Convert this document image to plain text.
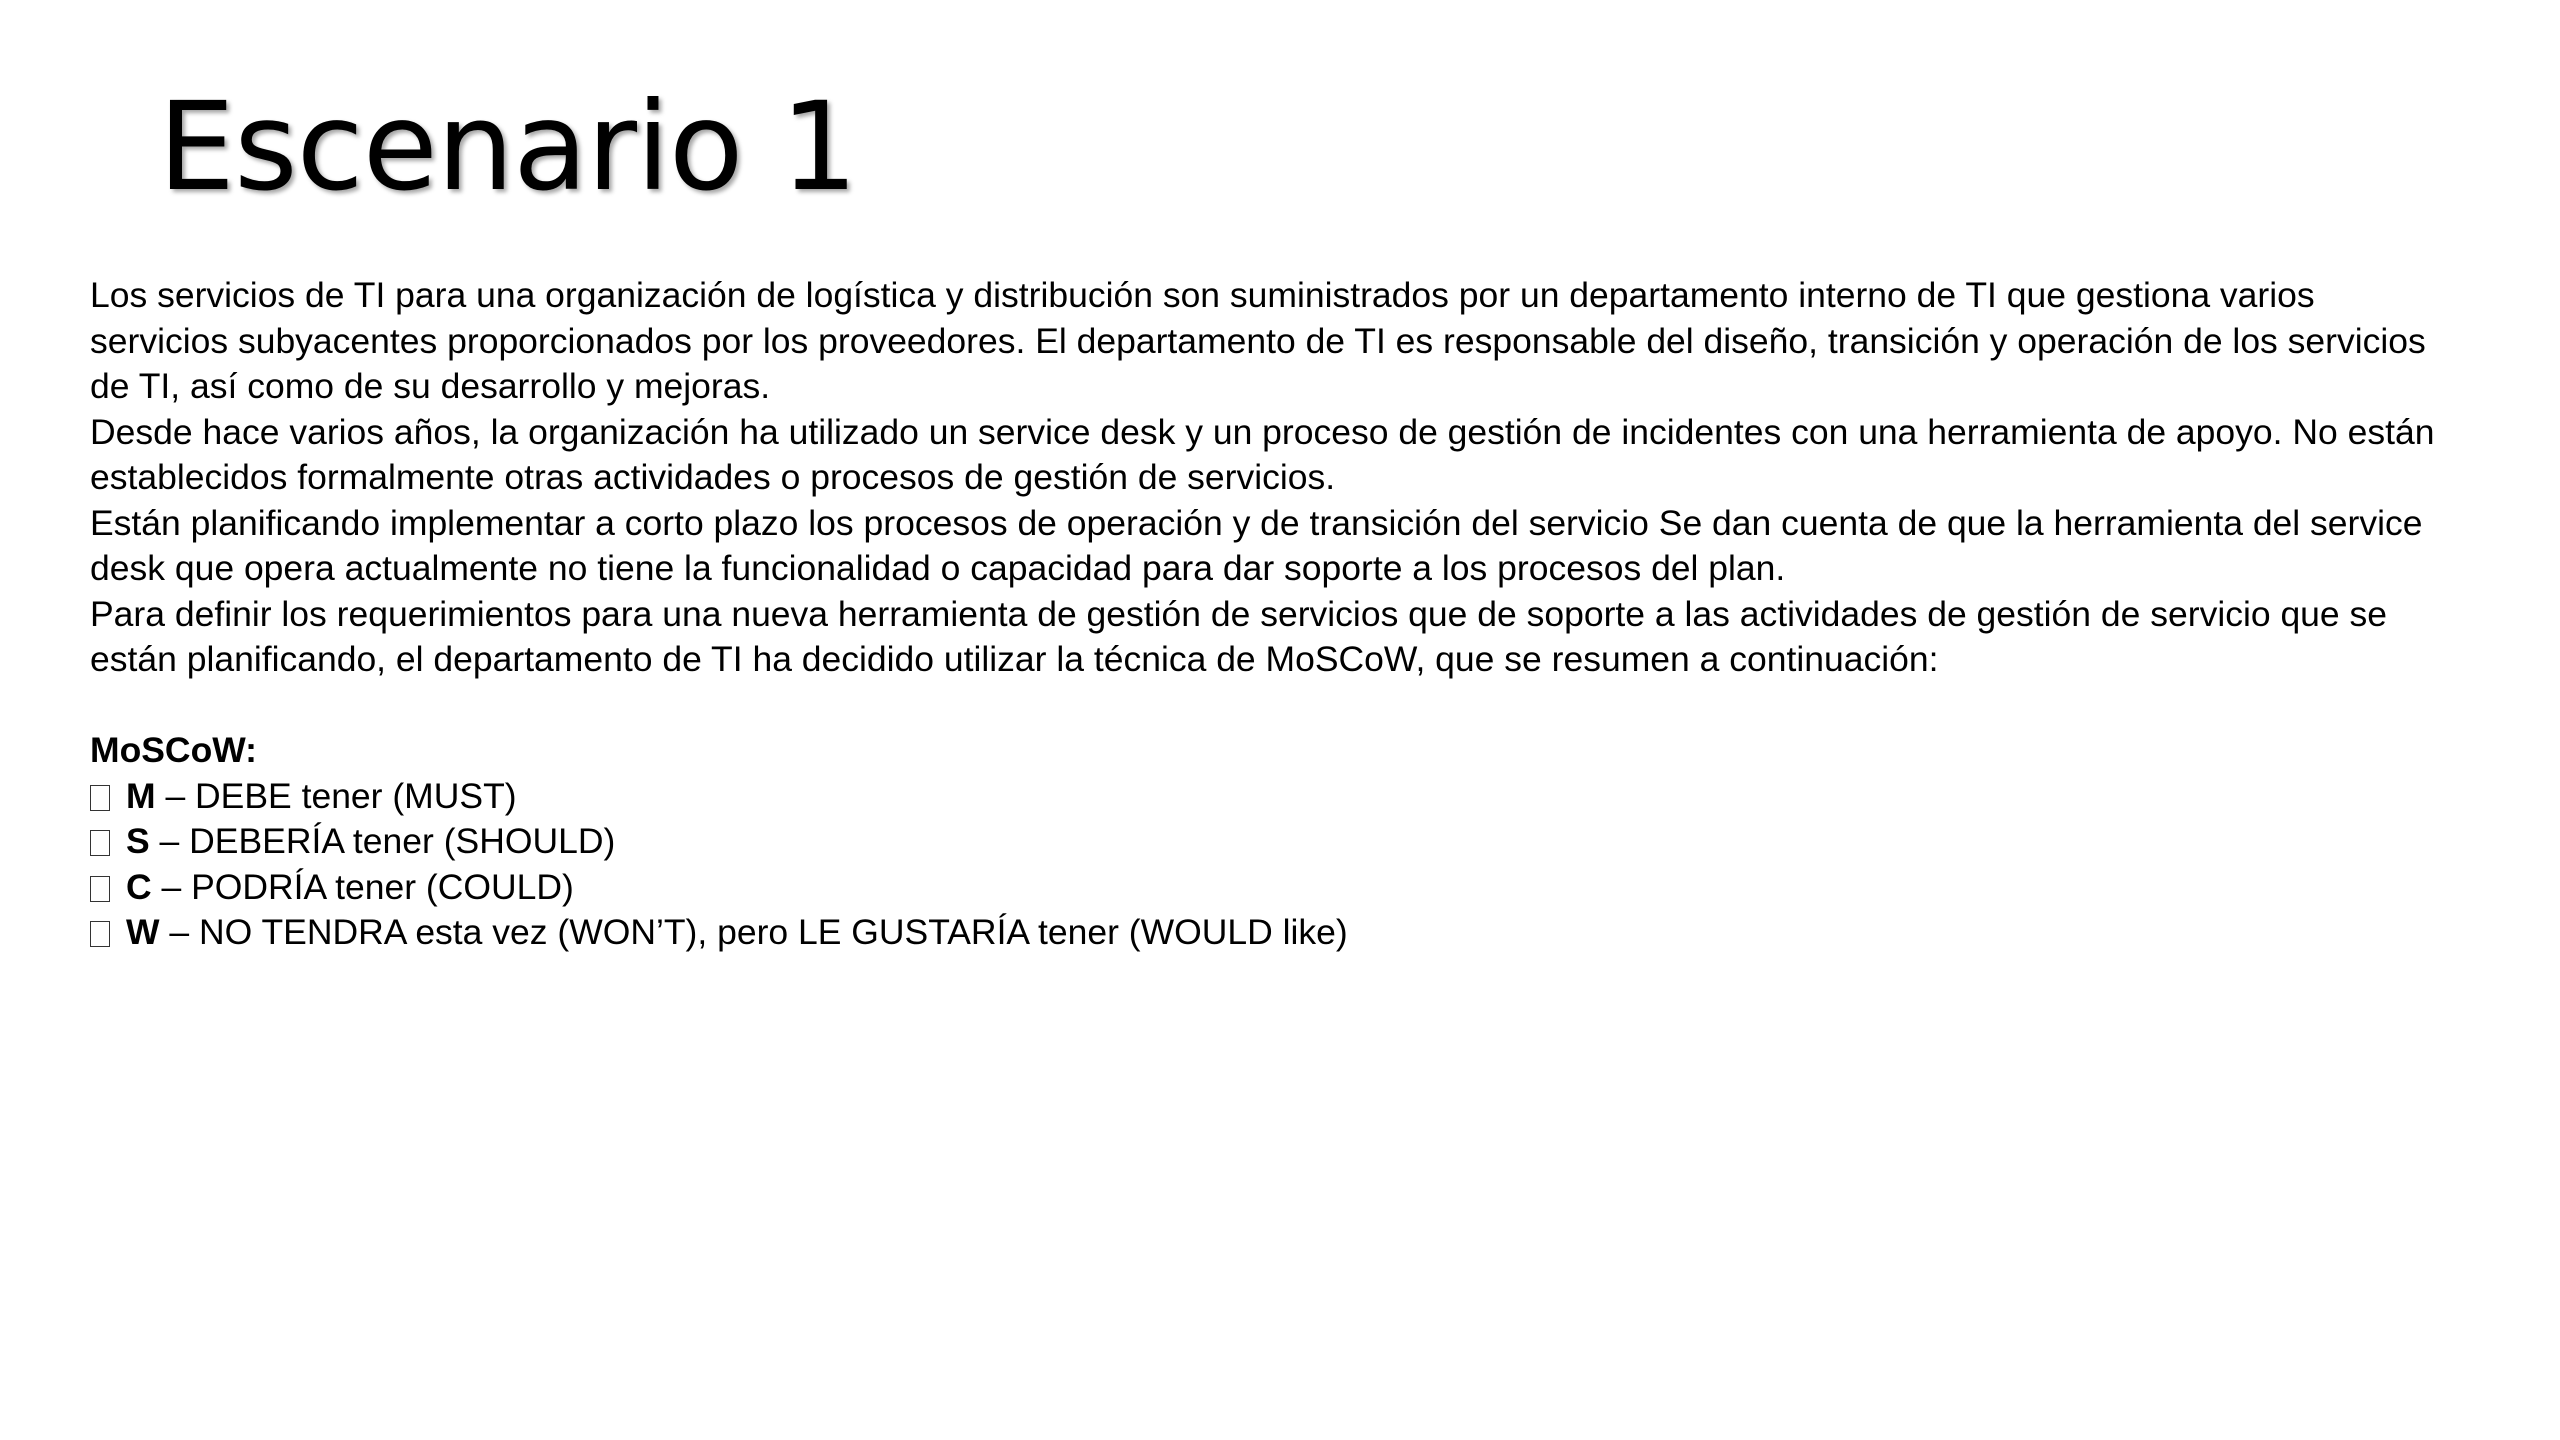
Escenario 1

Los servicios de TI para una organización de logística y distribución son suministrados por un departamento interno de TI que gestiona varios servicios subyacentes proporcionados por los proveedores. El departamento de TI es responsable del diseño, transición y operación de los servicios de TI, así como de su desarrollo y mejoras.

Desde hace varios años, la organización ha utilizado un service desk y un proceso de gestión de incidentes con una herramienta de apoyo. No están establecidos formalmente otras actividades o procesos de gestión de servicios.

Están planificando implementar a corto plazo los procesos de operación y de transición del servicio Se dan cuenta de que la herramienta del service desk que opera actualmente no tiene la funcionalidad o capacidad para dar soporte a los procesos del plan.

Para definir los requerimientos para una nueva herramienta de gestión de servicios que de soporte a las actividades de gestión de servicio que se están planificando, el departamento de TI ha decidido utilizar la técnica de MoSCoW, que se resumen a continuación:

MoSCoW:

M – DEBE tener (MUST)
S – DEBERÍA tener (SHOULD)
C – PODRÍA tener (COULD)
W – NO TENDRA esta vez (WON’T), pero LE GUSTARÍA tener (WOULD like)
